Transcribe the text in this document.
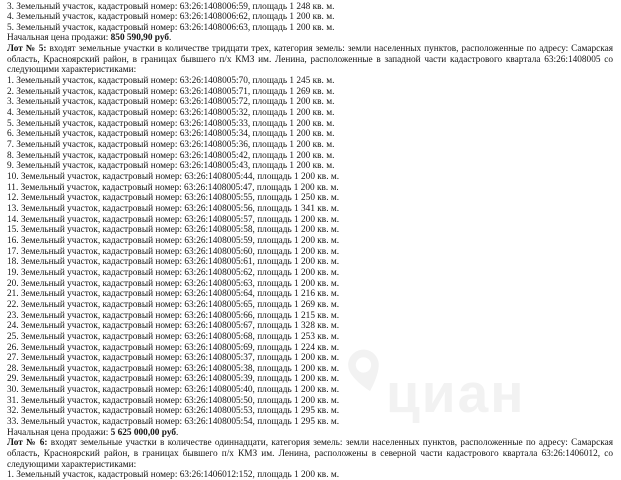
циан
3. Земельный участок, кадастровый номер: 63:26:1408006:59, площадь 1 248 кв. м.
4. Земельный участок, кадастровый номер: 63:26:1408006:62, площадь 1 200 кв. м.
5. Земельный участок, кадастровый номер: 63:26:1408006:63, площадь 1 200 кв. м.
Начальная цена продажи: 850 590,90 руб.
Лот № 5: входят земельные участки в количестве тридцати трех, категория земель: земли населенных пунктов, расположенные по адресу: Самарская область, Красноярский район, в границах бывшего п/х КМЗ им. Ленина, расположенные в западной части кадастрового квартала 63:26:1408005 со следующими характеристиками:
1. Земельный участок, кадастровый номер: 63:26:1408005:70, площадь 1 245 кв. м.
2. Земельный участок, кадастровый номер: 63:26:1408005:71, площадь 1 269 кв. м.
3. Земельный участок, кадастровый номер: 63:26:1408005:72, площадь 1 200 кв. м.
4. Земельный участок, кадастровый номер: 63:26:1408005:32, площадь 1 200 кв. м.
5. Земельный участок, кадастровый номер: 63:26:1408005:33, площадь 1 200 кв. м.
6. Земельный участок, кадастровый номер: 63:26:1408005:34, площадь 1 200 кв. м.
7. Земельный участок, кадастровый номер: 63:26:1408005:36, площадь 1 200 кв. м.
8. Земельный участок, кадастровый номер: 63:26:1408005:42, площадь 1 200 кв. м.
9. Земельный участок, кадастровый номер: 63:26:1408005:43, площадь 1 200 кв. м.
10. Земельный участок, кадастровый номер: 63:26:1408005:44, площадь 1 200 кв. м.
11. Земельный участок, кадастровый номер: 63:26:1408005:47, площадь 1 200 кв. м.
12. Земельный участок, кадастровый номер: 63:26:1408005:55, площадь 1 250 кв. м.
13. Земельный участок, кадастровый номер: 63:26:1408005:56, площадь 1 341 кв. м.
14. Земельный участок, кадастровый номер: 63:26:1408005:57, площадь 1 200 кв. м.
15. Земельный участок, кадастровый номер: 63:26:1408005:58, площадь 1 200 кв. м.
16. Земельный участок, кадастровый номер: 63:26:1408005:59, площадь 1 200 кв. м.
17. Земельный участок, кадастровый номер: 63:26:1408005:60, площадь 1 200 кв. м.
18. Земельный участок, кадастровый номер: 63:26:1408005:61, площадь 1 200 кв. м.
19. Земельный участок, кадастровый номер: 63:26:1408005:62, площадь 1 200 кв. м.
20. Земельный участок, кадастровый номер: 63:26:1408005:63, площадь 1 200 кв. м.
21. Земельный участок, кадастровый номер: 63:26:1408005:64, площадь 1 216 кв. м.
22. Земельный участок, кадастровый номер: 63:26:1408005:65, площадь 1 269 кв. м.
23. Земельный участок, кадастровый номер: 63:26:1408005:66, площадь 1 215 кв. м.
24. Земельный участок, кадастровый номер: 63:26:1408005:67, площадь 1 328 кв. м.
25. Земельный участок, кадастровый номер: 63:26:1408005:68, площадь 1 253 кв. м.
26. Земельный участок, кадастровый номер: 63:26:1408005:69, площадь 1 224 кв. м.
27. Земельный участок, кадастровый номер: 63:26:1408005:37, площадь 1 200 кв. м.
28. Земельный участок, кадастровый номер: 63:26:1408005:38, площадь 1 200 кв. м.
29. Земельный участок, кадастровый номер: 63:26:1408005:39, площадь 1 200 кв. м.
30. Земельный участок, кадастровый номер: 63:26:1408005:40, площадь 1 200 кв. м.
31. Земельный участок, кадастровый номер: 63:26:1408005:50, площадь 1 200 кв. м.
32. Земельный участок, кадастровый номер: 63:26:1408005:53, площадь 1 295 кв. м.
33. Земельный участок, кадастровый номер: 63:26:1408005:54, площадь 1 295 кв. м.
Начальная цена продажи: 5 625 000,00 руб.
Лот № 6: входят земельные участки в количестве одиннадцати, категория земель: земли населенных пунктов, расположенные по адресу: Самарская область, Красноярский район, в границах бывшего п/х КМЗ им. Ленина, расположены в северной части кадастрового квартала 63:26:1406012, со следующими характеристиками:
1. Земельный участок, кадастровый номер: 63:26:1406012:152, площадь 1 200 кв. м.
